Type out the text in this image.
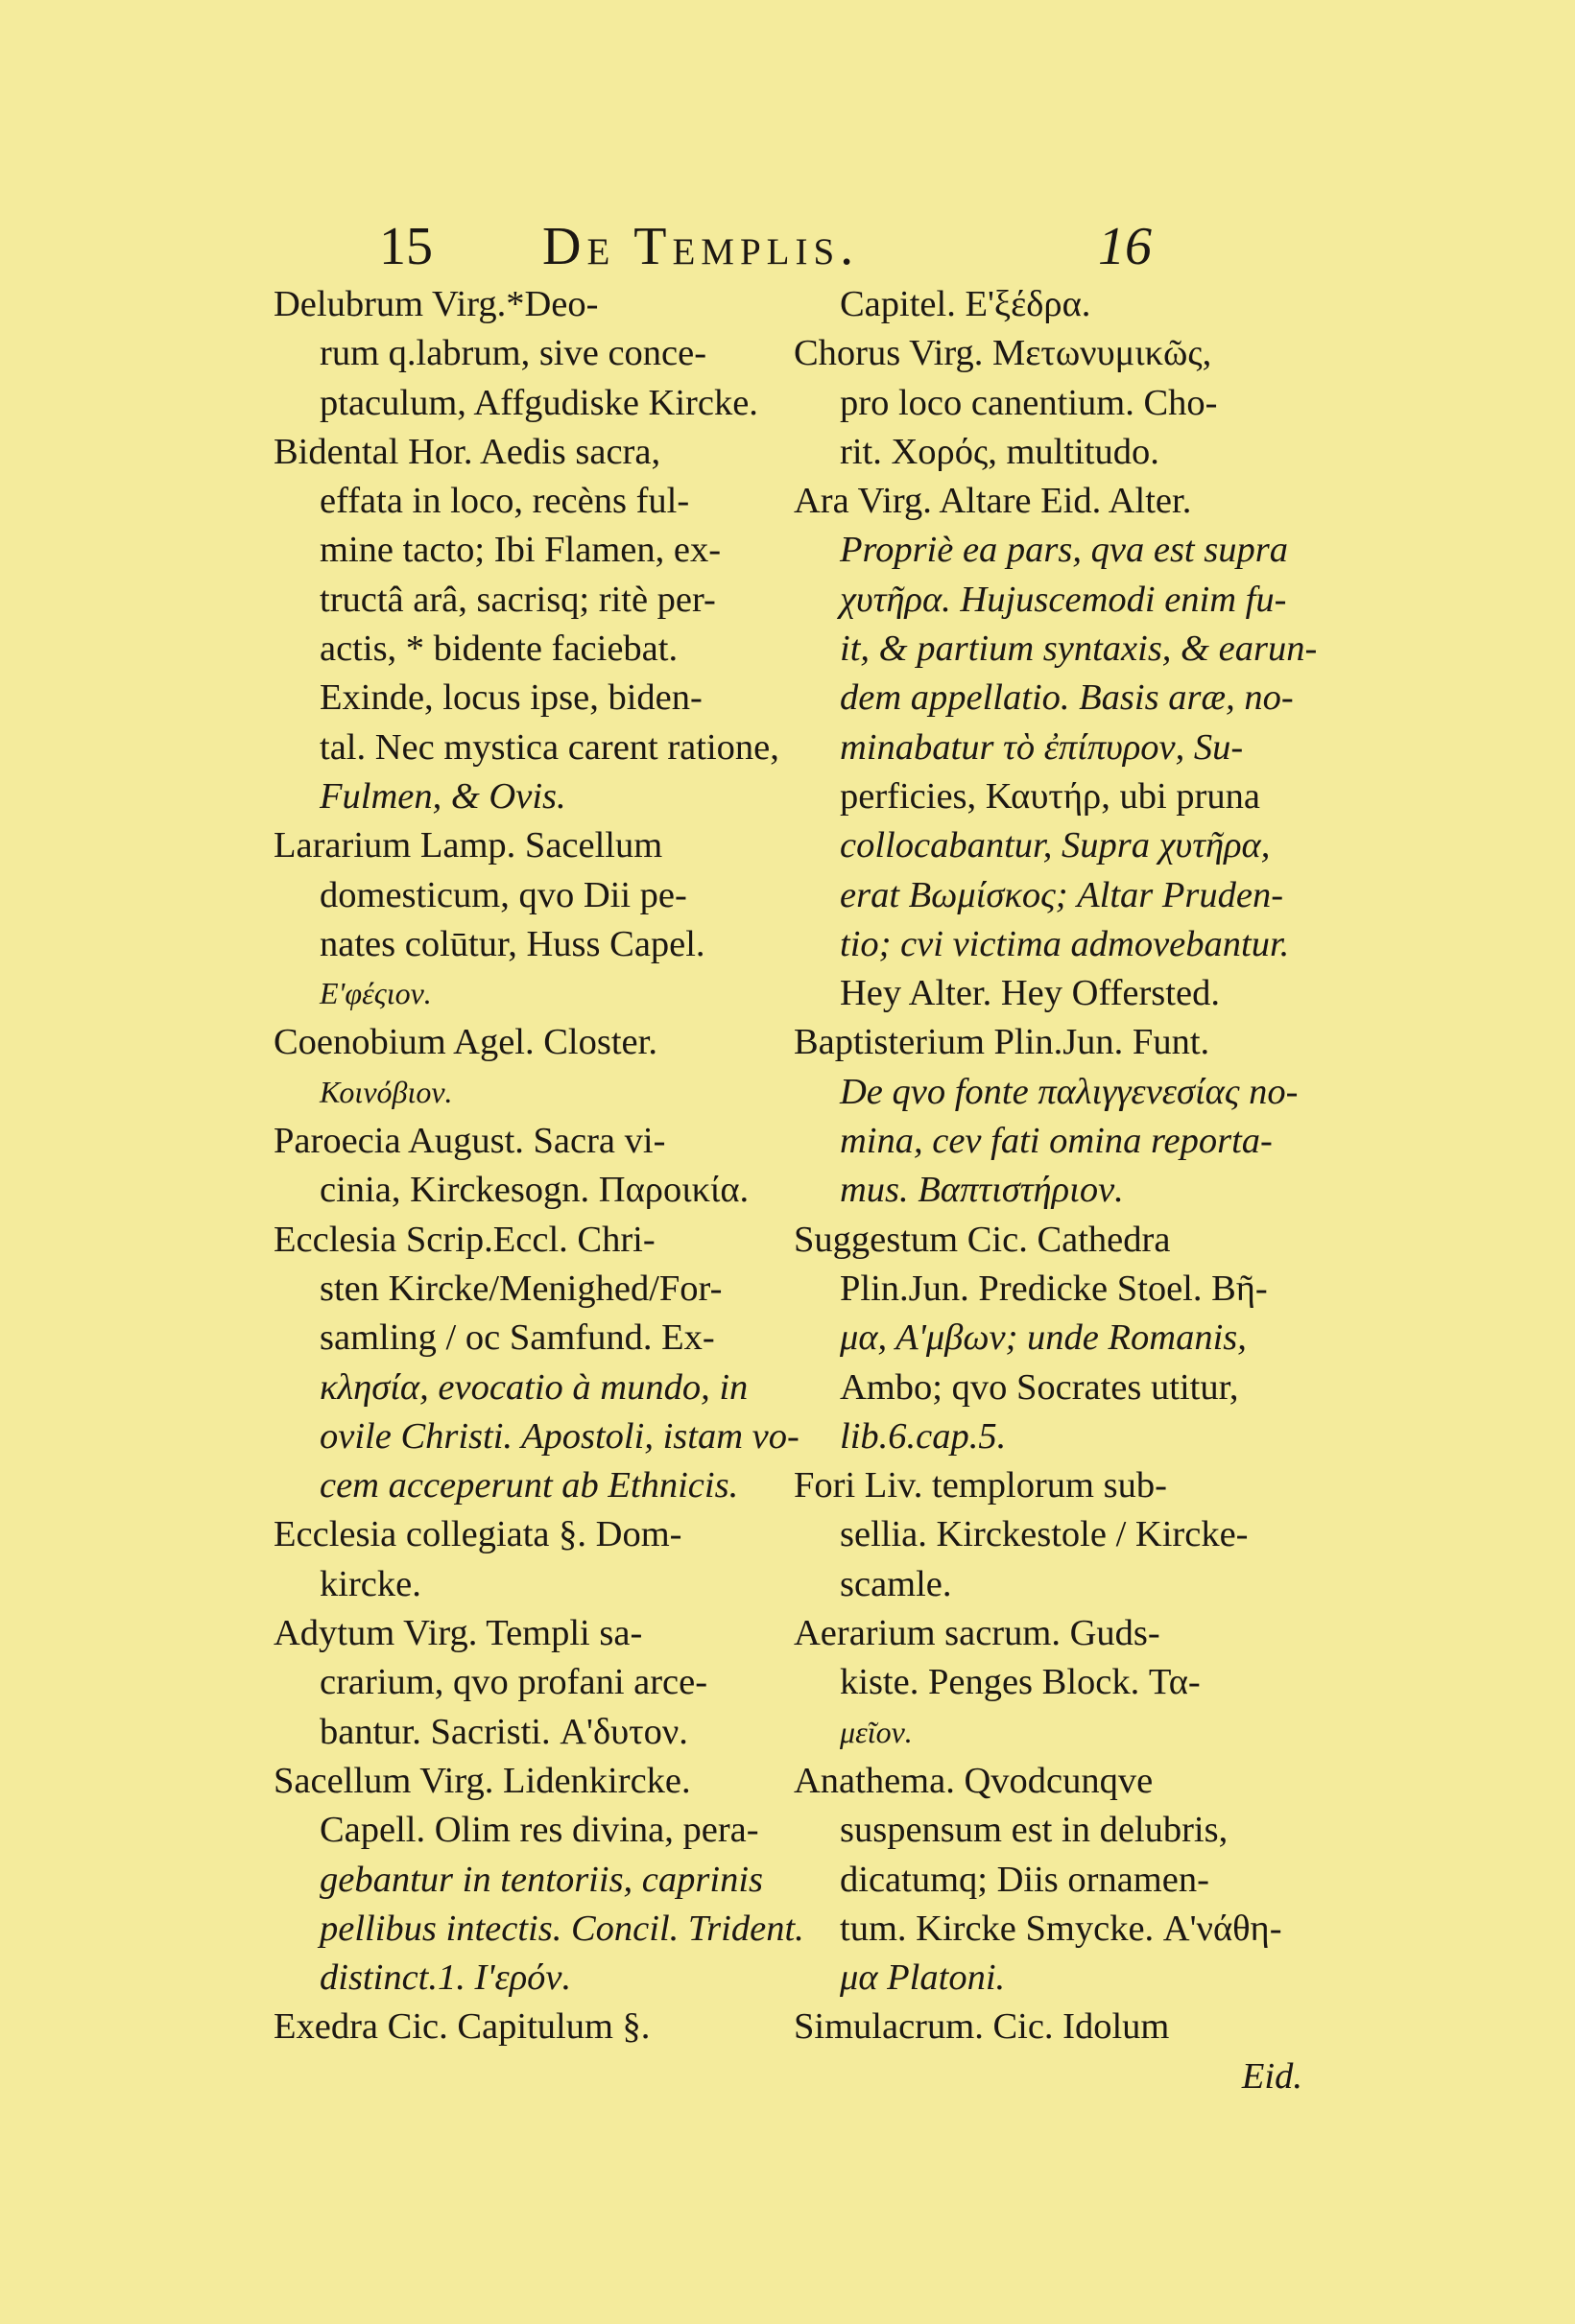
15 De Templis.	16
Delubrum Virg.*Deo-
rum q.labrum, sive conce-
ptaculum, Affgudiske Kircke.
Bidental Hor. Aedis sacra,
effata in loco, recèns ful-
mine tacto; Ibi Flamen, ex-
tructâ arâ, sacrisq; ritè per-
actis, * bidente faciebat.
Exinde, locus ipse, biden-
tal. Nec mystica carent ratione,
Fulmen, & Ovis.
Lararium Lamp. Sacellum
domesticum, qvo Dii pe-
nates colūtur, Huss Capel.
Ε'φέςιον.
Coenobium Agel. Closter.
Κοινόβιον.
Paroecia August. Sacra vi-
cinia, Kirckesogn. Παροικία.
Ecclesia Scrip.Eccl. Chri-
sten Kircke/Menighed/For-
samling / oc Samfund. Ex-
κλησία, evocatio à mundo, in
ovile Christi. Apostoli, istam vo-
cem acceperunt ab Ethnicis.
Ecclesia collegiata §. Dom-
kircke.
Adytum Virg. Templi sa-
crarium, qvo profani arce-
bantur. Sacristi. Α'δυτον.
Sacellum Virg. Lidenkircke.
Capell. Olim res divina, pera-
gebantur in tentoriis, caprinis
pellibus intectis. Concil. Trident.
distinct.1. Ι'ερόν.
Exedra Cic. Capitulum §.
Capitel. Ε'ξέδρα.
Chorus Virg. Μετωνυμικῶς,
pro loco canentium. Cho-
rit. Χορός, multitudo.
Ara Virg. Altare Eid. Alter.
Propriè ea pars, qva est supra
χυτῆρα. Hujuscemodi enim fu-
it, & partium syntaxis, & earun-
dem appellatio. Basis aræ, no-
minabatur τὸ ἐπίπυρον, Su-
perficies, Καυτήρ, ubi pruna
collocabantur, Supra χυτῆρα,
erat Βωμίσκος; Altar Pruden-
tio; cvi victima admovebantur.
Hey Alter. Hey Offersted.
Baptisterium Plin.Jun. Funt.
De qvo fonte παλιγγενεσίας no-
mina, cev fati omina reporta-
mus. Βαπτιστήριον.
Suggestum Cic. Cathedra
Plin.Jun. Predicke Stoel. Βῆ-
μα, Α'μβων; unde Romanis,
Ambo; qvo Socrates utitur,
lib.6.cap.5.
Fori Liv. templorum sub-
sellia. Kirckestole / Kircke-
scamle.
Aerarium sacrum. Guds-
kiste. Penges Block. Τα-
μεῖον.
Anathema. Qvodcunqve
suspensum est in delubris,
dicatumq; Diis ornamen-
tum. Kircke Smycke. Α'νάθη-
μα Platoni.
Simulacrum. Cic. Idolum
Eid.
